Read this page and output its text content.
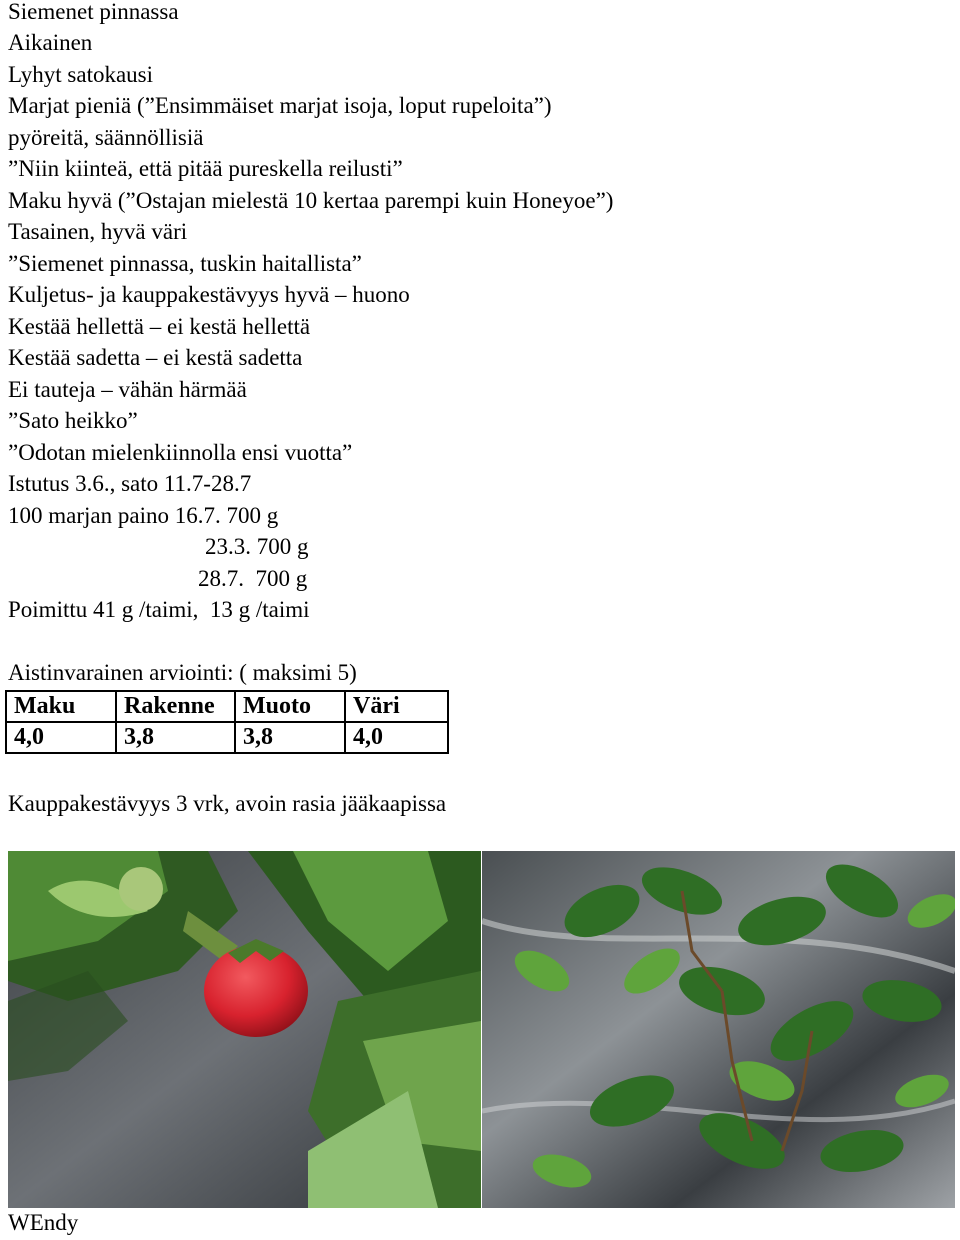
Siemenet pinnassa
Aikainen
Lyhyt satokausi
Marjat pieniä (”Ensimmäiset marjat isoja, loput rupeloita”)
pyöreitä, säännöllisiä
”Niin kiinteä, että pitää pureskella reilusti”
Maku hyvä (”Ostajan mielestä 10 kertaa parempi kuin Honeyoe”)
Tasainen, hyvä väri
”Siemenet pinnassa, tuskin haitallista”
Kuljetus- ja kauppakestävyys hyvä – huono
Kestää hellettä – ei kestä hellettä
Kestää sadetta – ei kestä sadetta
Ei tauteja – vähän härmää
”Sato heikko”
”Odotan mielenkiinnolla ensi vuotta”
Istutus 3.6., sato 11.7-28.7
100 marjan paino 16.7. 700 g
23.3. 700 g
28.7.  700 g
Poimittu 41 g /taimi,  13 g /taimi
Aistinvarainen arviointi: ( maksimi 5)
Maku	Rakenne	Muoto	Väri
4,0	3,8	3,8	4,0
Kauppakestävyys 3 vrk, avoin rasia jääkaapissa
WEndy
